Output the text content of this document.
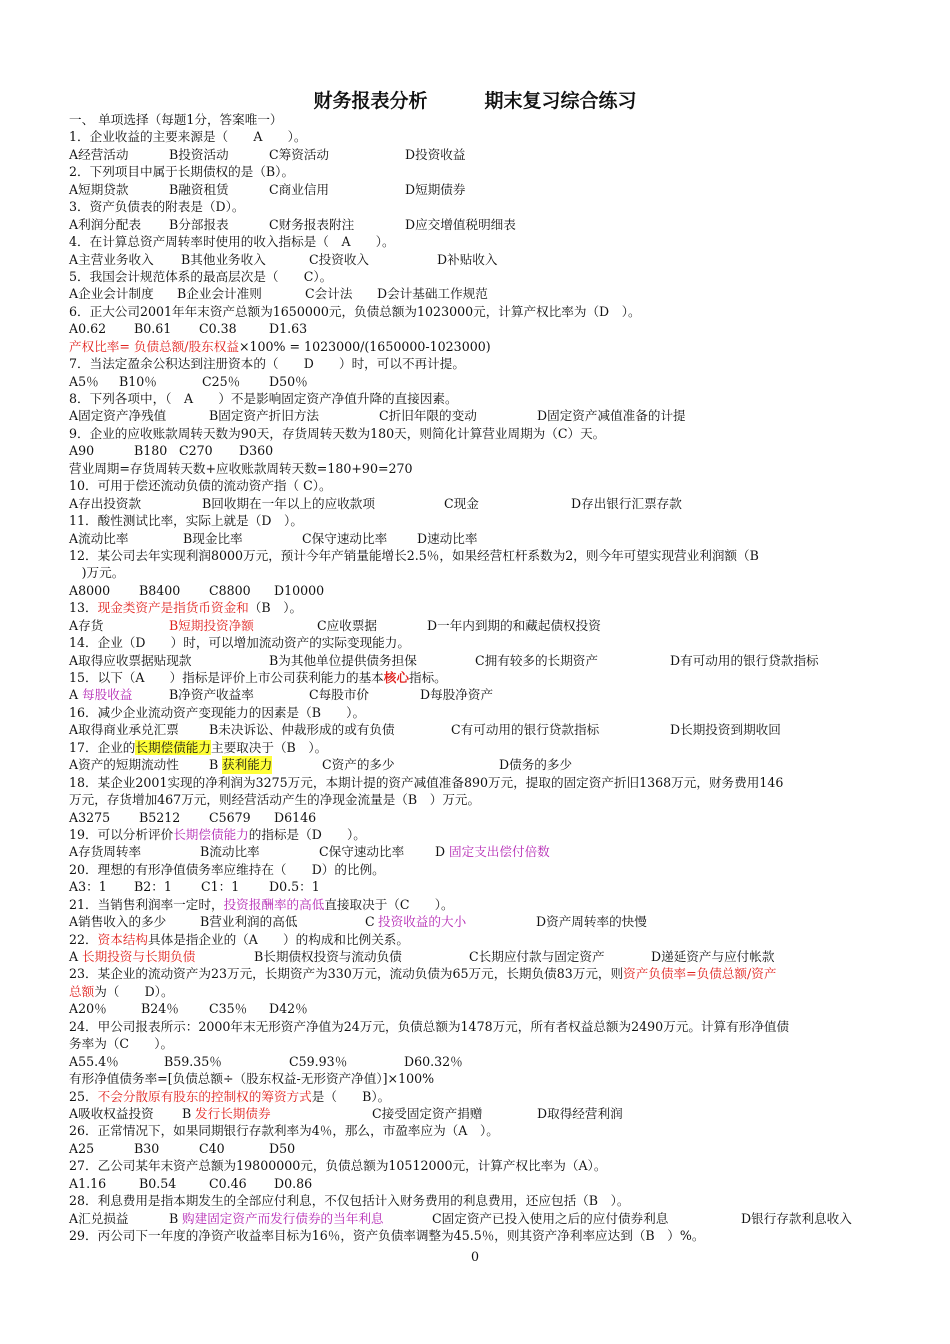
财务报表分析　　　期末复习综合练习
一、 单项选择（每题1分，答案唯一）
1．企业收益的主要来源是（　　A　　）。
A经营活动	B投资活动	C筹资活动	D投资收益
2．下列项目中属于长期债权的是（B）。
A短期贷款	B融资租赁	C商业信用	D短期债券
3．资产负债表的附表是（D）。
A利润分配表 B分部报表	C财务报表附注	D应交增值税明细表
4．在计算总资产周转率时使用的收入指标是（　A　　）。
A主营业务收入 B其他业务收入	C投资收入	D补贴收入
5．我国会计规范体系的最高层次是（　　C）。
A企业会计制度 B企业会计准则	C会计法 D会计基础工作规范
6．正大公司2001年年末资产总额为1650000元，负债总额为1023000元，计算产权比率为（D　）。
A0.62 B0.61 C0.38	D1.63
产权比率= 负债总额/股东权益×100% = 1023000/(1650000-1023000)
7．当法定盈余公积达到注册资本的（　　D　　）时，可以不再计提。
A5％ B10％	C25％ D50％
8．下列各项中，（　A　　）不是影响固定资产净值升降的直接因素。
A固定资产净残值	B固定资产折旧方法	C折旧年限的变动	D固定资产减值准备的计提
9．企业的应收账款周转天数为90天，存货周转天数为180天，则简化计算营业周期为（C）天。
A90	B180 C270 D360
营业周期=存货周转天数+应收账款周转天数=180+90=270
10．可用于偿还流动负债的流动资产指（ C）。
A存出投资款	B回收期在一年以上的应收款项	C现金	D存出银行汇票存款
11．酸性测试比率，实际上就是（D　）。
A流动比率	B现金比率	C保守速动比率 D速动比率
12．某公司去年实现利润8000万元，预计今年产销量能增长2.5％，如果经营杠杆系数为2，则今年可望实现营业利润额（B
　)万元。
A8000 B8400 C8800 D10000
13．现金类资产是指货币资金和（B　）。
A存货	B短期投资净额	C应收票据	D一年内到期的和藏起债权投资
14．企业（D　　）时，可以增加流动资产的实际变现能力。
A取得应收票据贴现款	B为其他单位提供债务担保	C拥有较多的长期资产	D有可动用的银行贷款指标
15．以下（A　　）指标是评价上市公司获利能力的基本核心指标。
A 每股收益	B净资产收益率	C每股市价	D每股净资产
16．减少企业流动资产变现能力的因素是（B　　）。
A取得商业承兑汇票 B未决诉讼、仲裁形成的或有负债	C有可动用的银行贷款指标	D长期投资到期收回
17．企业的长期偿债能力主要取决于（B　）。
A资产的短期流动性 B 获利能力	C资产的多少	D债务的多少
18．某企业2001实现的净利润为3275万元，本期计提的资产减值准备890万元，提取的固定资产折旧1368万元，财务费用146
万元，存货增加467万元，则经营活动产生的净现金流量是（B　）万元。
A3275 B5212 C5679 D6146
19．可以分析评价长期偿债能力的指标是（D　　）。
A存货周转率	B流动比率	C保守速动比率 D 固定支出偿付倍数
20．理想的有形净值债务率应维持在（　　D）的比例。
A3：1 B2：1 C1：1 D0.5：1
21．当销售利润率一定时，投资报酬率的高低直接取决于（C　　）。
A销售收入的多少	B营业利润的高低	C 投资收益的大小	D资产周转率的快慢
22．资本结构具体是指企业的（A　　）的构成和比例关系。
A 长期投资与长期负债	B长期债权投资与流动负债	C长期应付款与固定资产	D递延资产与应付帐款
23．某企业的流动资产为23万元，长期资产为330万元，流动负债为65万元，长期负债83万元，则资产负债率=负债总额/资产
总额为（　　D）。
A20％	B24％ C35％ D42％
24．甲公司报表所示：2000年末无形资产净值为24万元，负债总额为1478万元，所有者权益总额为2490万元。计算有形净值债
务率为（C　　）。
A55.4％	B59.35％	C59.93％	D60.32％
有形净值债务率=[负债总额÷（股东权益-无形资产净值）]×100%
25．不会分散原有股东的控制权的筹资方式是（　　B）。
A吸收权益投资 B 发行长期债券	C接受固定资产捐赠	D取得经营利润
26．正常情况下，如果同期银行存款利率为4％，那么，市盈率应为（A　）。
A25	B30	C40	D50
27．乙公司某年末资产总额为19800000元，负债总额为10512000元，计算产权比率为（A）。
A1.16	B0.54	C0.46 D0.86
28．利息费用是指本期发生的全部应付利息，不仅包括计入财务费用的利息费用，还应包括（B　）。
A汇兑损益	B 购建固定资产而发行债券的当年利息	C固定资产已投入使用之后的应付债券利息	D银行存款利息收入
29．丙公司下一年度的净资产收益率目标为16％，资产负债率调整为45.5％，则其资产净利率应达到（B　）%。
0
